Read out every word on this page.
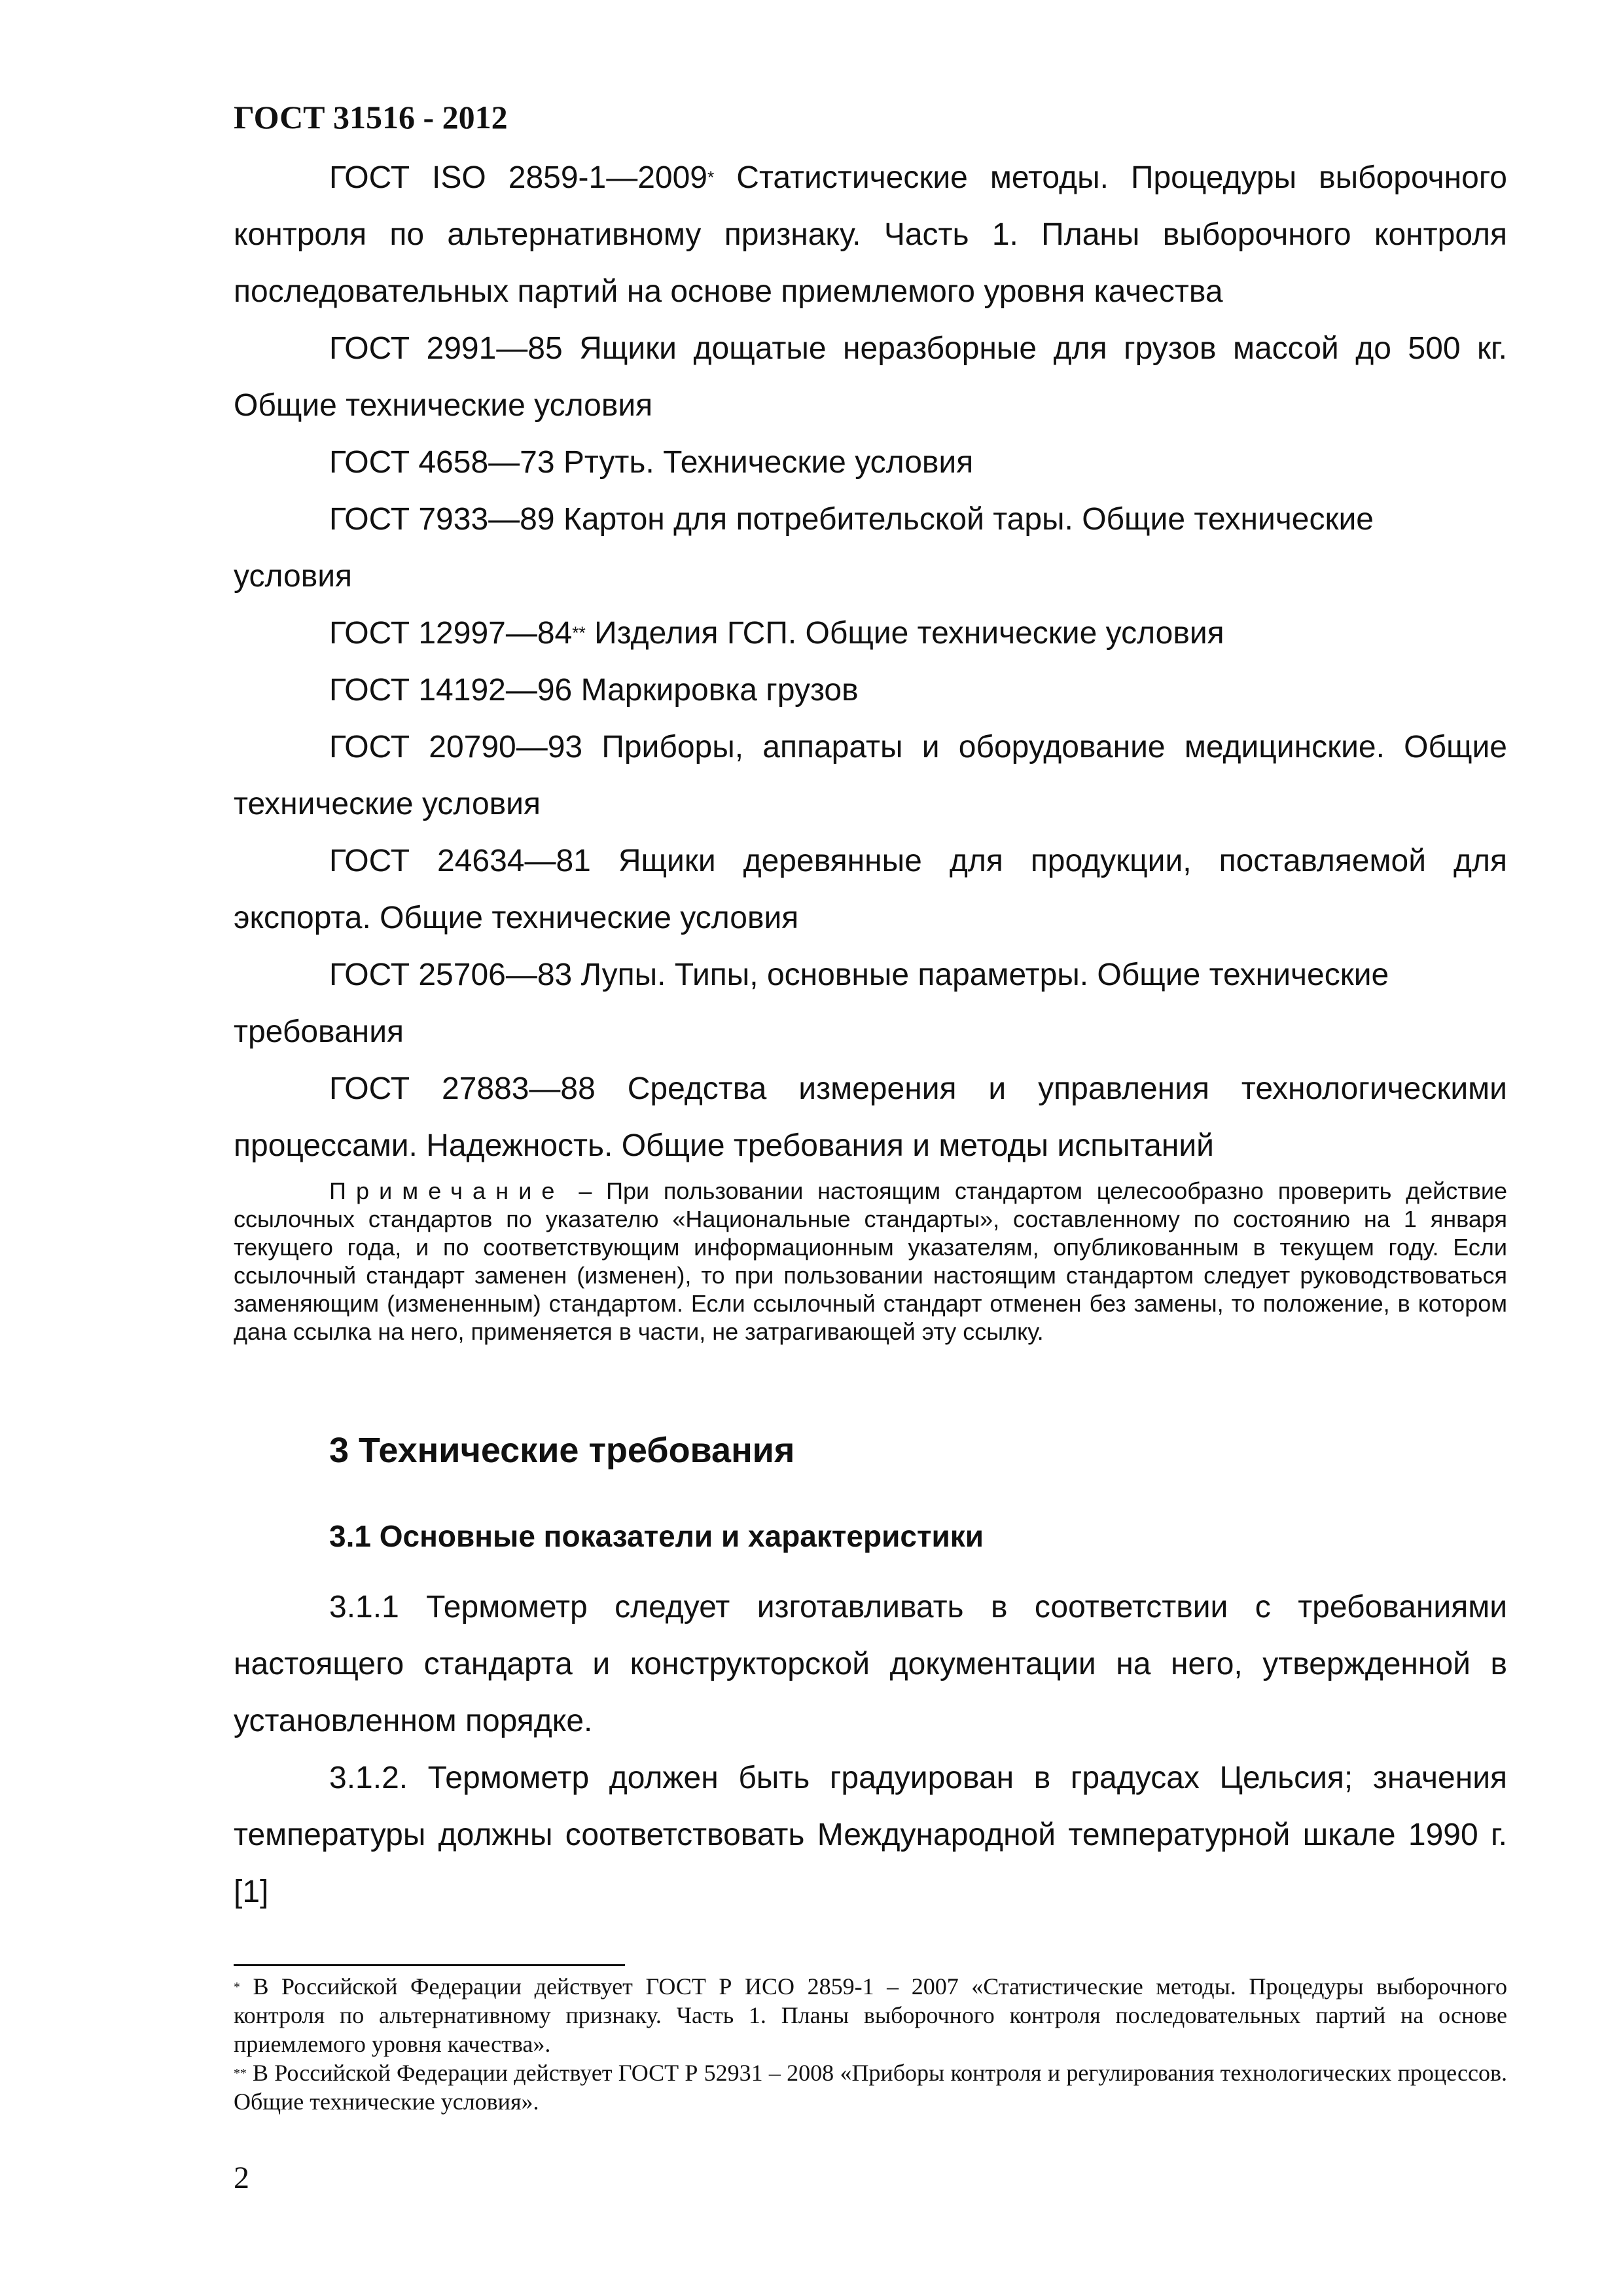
ГОСТ 31516 - 2012

ГОСТ ISO 2859-1—2009* Статистические методы. Процедуры выборочного контроля по альтернативному признаку. Часть 1. Планы выборочного контроля последовательных партий на основе приемлемого уровня качества

ГОСТ 2991—85 Ящики дощатые неразборные для грузов массой до 500 кг. Общие технические условия

ГОСТ 4658—73 Ртуть. Технические условия

ГОСТ 7933—89 Картон для потребительской тары. Общие технические условия

ГОСТ 12997—84** Изделия ГСП. Общие технические условия

ГОСТ 14192—96 Маркировка грузов

ГОСТ 20790—93 Приборы, аппараты и оборудование медицинские. Общие технические условия

ГОСТ 24634—81 Ящики деревянные для продукции, поставляемой для экспорта. Общие технические условия

ГОСТ 25706—83 Лупы. Типы, основные параметры. Общие технические требования

ГОСТ 27883—88 Средства измерения и управления технологическими процессами. Надежность. Общие требования и методы испытаний

Примечание – При пользовании настоящим стандартом целесообразно проверить действие ссылочных стандартов по указателю «Национальные стандарты», составленному по состоянию на 1 января текущего года, и по соответствующим информационным указателям, опубликованным в текущем году. Если ссылочный стандарт заменен (изменен), то при пользовании настоящим стандартом следует руководствоваться заменяющим (измененным) стандартом. Если ссылочный стандарт отменен без замены, то положение, в котором дана ссылка на него, применяется в части, не затрагивающей эту ссылку.

3 Технические требования
3.1 Основные показатели и характеристики

3.1.1 Термометр следует изготавливать в соответствии с требованиями настоящего стандарта и конструкторской документации на него, утвержденной в установленном порядке.

3.1.2. Термометр должен быть градуирован в градусах Цельсия; значения температуры должны соответствовать Международной температурной шкале 1990 г. [1]

* В Российской Федерации действует ГОСТ Р ИСО 2859-1 – 2007 «Статистические методы. Процедуры выборочного контроля по альтернативному признаку. Часть 1. Планы выборочного контроля последовательных партий на основе приемлемого уровня качества».

** В Российской Федерации действует ГОСТ Р 52931 – 2008 «Приборы контроля и регулирования технологических процессов. Общие технические условия».

2
